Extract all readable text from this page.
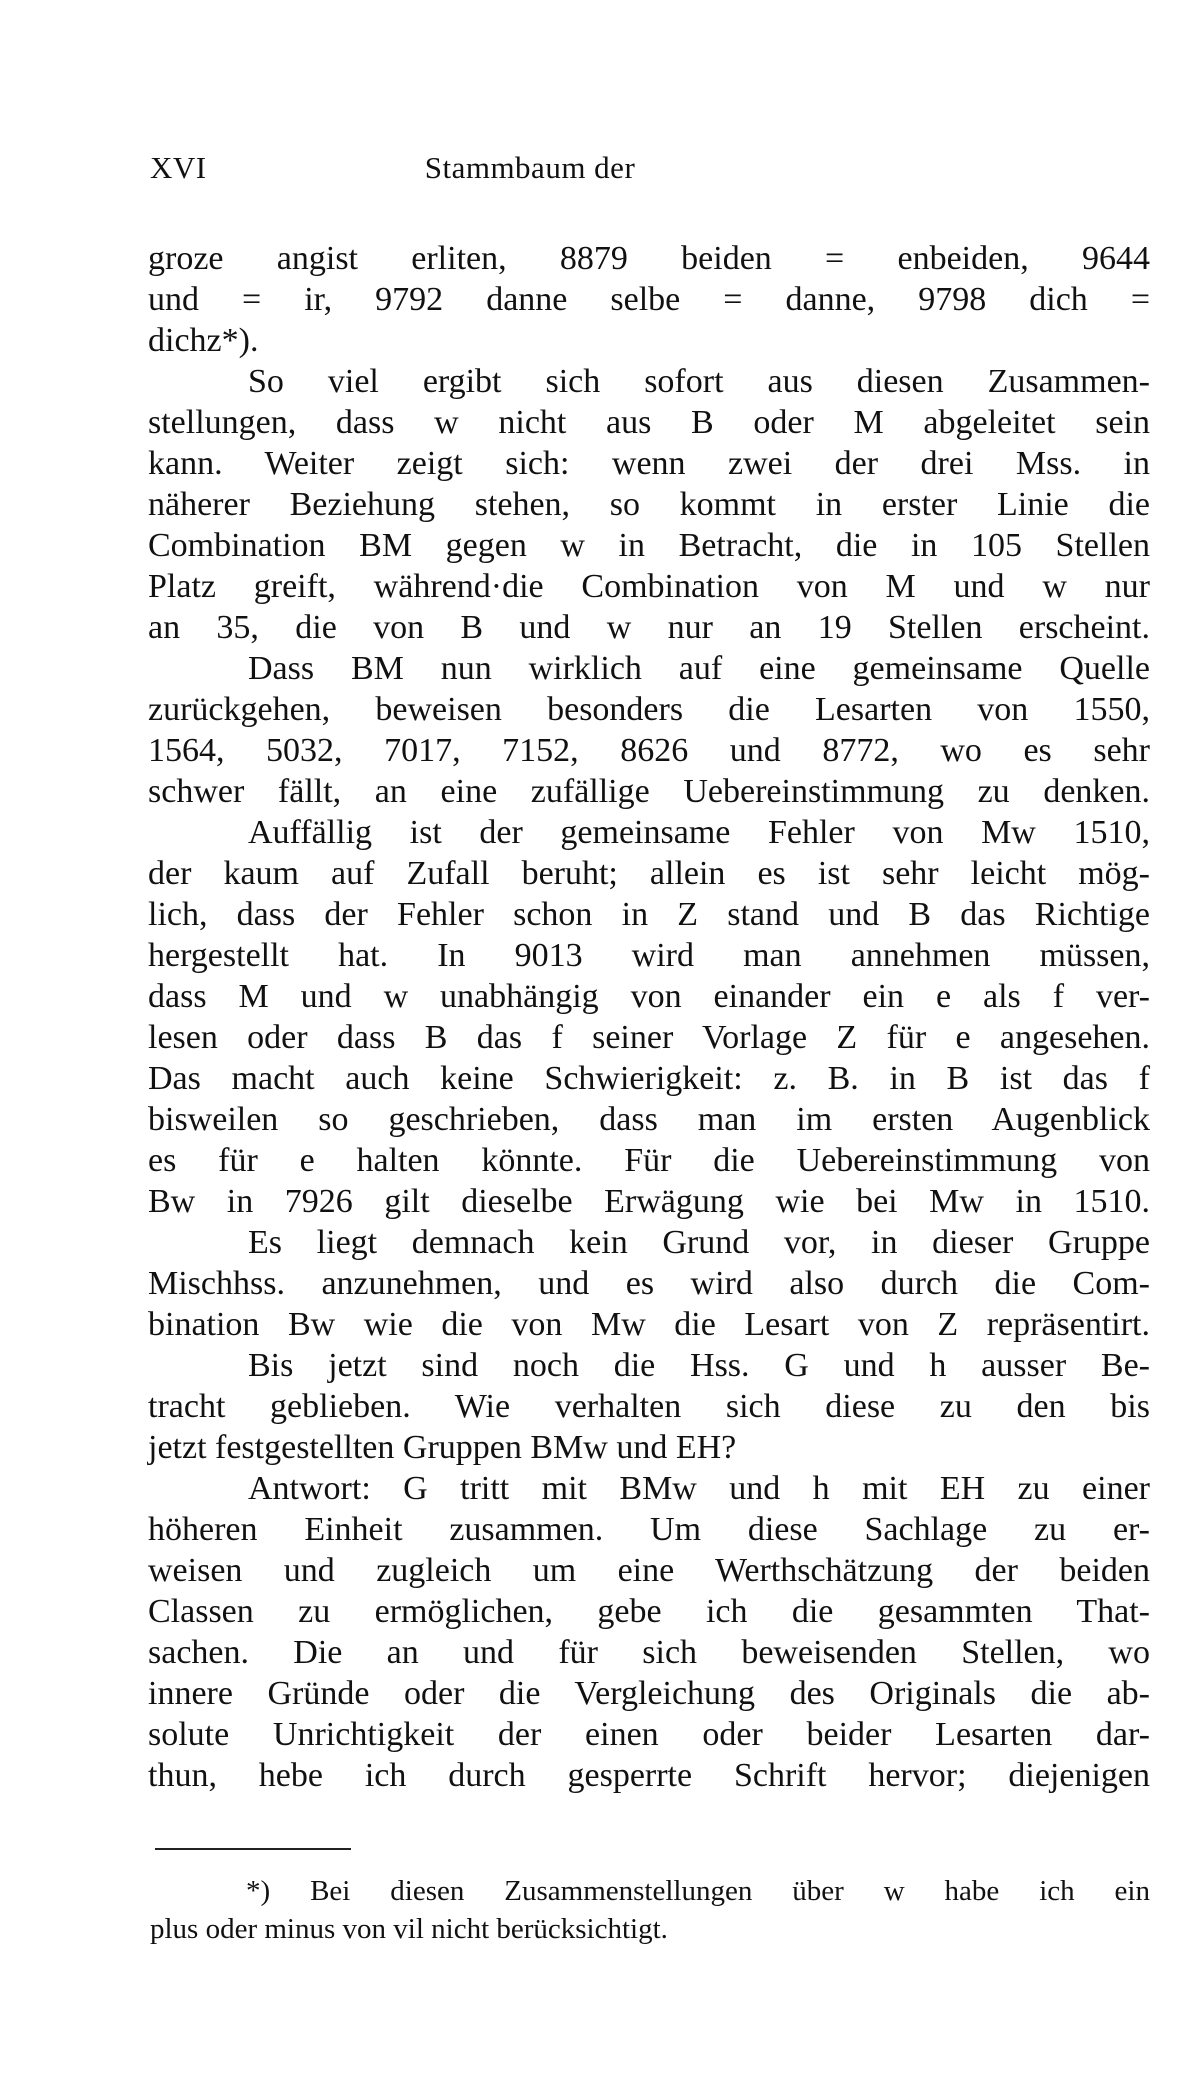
XVI	Stammbaum der
groze angist erliten, 8879 beiden = enbeiden, 9644
und = ir, 9792 danne selbe = danne, 9798 dich =
dichz*).
So viel ergibt sich sofort aus diesen Zusammen-
stellungen, dass w nicht aus B oder M abgeleitet sein
kann. Weiter zeigt sich: wenn zwei der drei Mss. in
näherer Beziehung stehen, so kommt in erster Linie die
Combination BM gegen w in Betracht, die in 105 Stellen
Platz greift, während·die Combination von M und w nur
an 35, die von B und w nur an 19 Stellen erscheint.
Dass BM nun wirklich auf eine gemeinsame Quelle
zurückgehen, beweisen besonders die Lesarten von 1550,
1564, 5032, 7017, 7152, 8626 und 8772, wo es sehr
schwer fällt, an eine zufällige Uebereinstimmung zu denken.
Auffällig ist der gemeinsame Fehler von Mw 1510,
der kaum auf Zufall beruht; allein es ist sehr leicht mög-
lich, dass der Fehler schon in Z stand und B das Richtige
hergestellt hat. In 9013 wird man annehmen müssen,
dass M und w unabhängig von einander ein e als f ver-
lesen oder dass B das f seiner Vorlage Z für e angesehen.
Das macht auch keine Schwierigkeit: z. B. in B ist das f
bisweilen so geschrieben, dass man im ersten Augenblick
es für e halten könnte. Für die Uebereinstimmung von
Bw in 7926 gilt dieselbe Erwägung wie bei Mw in 1510.
Es liegt demnach kein Grund vor, in dieser Gruppe
Mischhss. anzunehmen, und es wird also durch die Com-
bination Bw wie die von Mw die Lesart von Z repräsentirt.
Bis jetzt sind noch die Hss. G und h ausser Be-
tracht geblieben. Wie verhalten sich diese zu den bis
jetzt festgestellten Gruppen BMw und EH?
Antwort: G tritt mit BMw und h mit EH zu einer
höheren Einheit zusammen. Um diese Sachlage zu er-
weisen und zugleich um eine Werthschätzung der beiden
Classen zu ermöglichen, gebe ich die gesammten That-
sachen. Die an und für sich beweisenden Stellen, wo
innere Gründe oder die Vergleichung des Originals die ab-
solute Unrichtigkeit der einen oder beider Lesarten dar-
thun, hebe ich durch gesperrte Schrift hervor; diejenigen
*) Bei diesen Zusammenstellungen über w habe ich ein
plus oder minus von vil nicht berücksichtigt.
